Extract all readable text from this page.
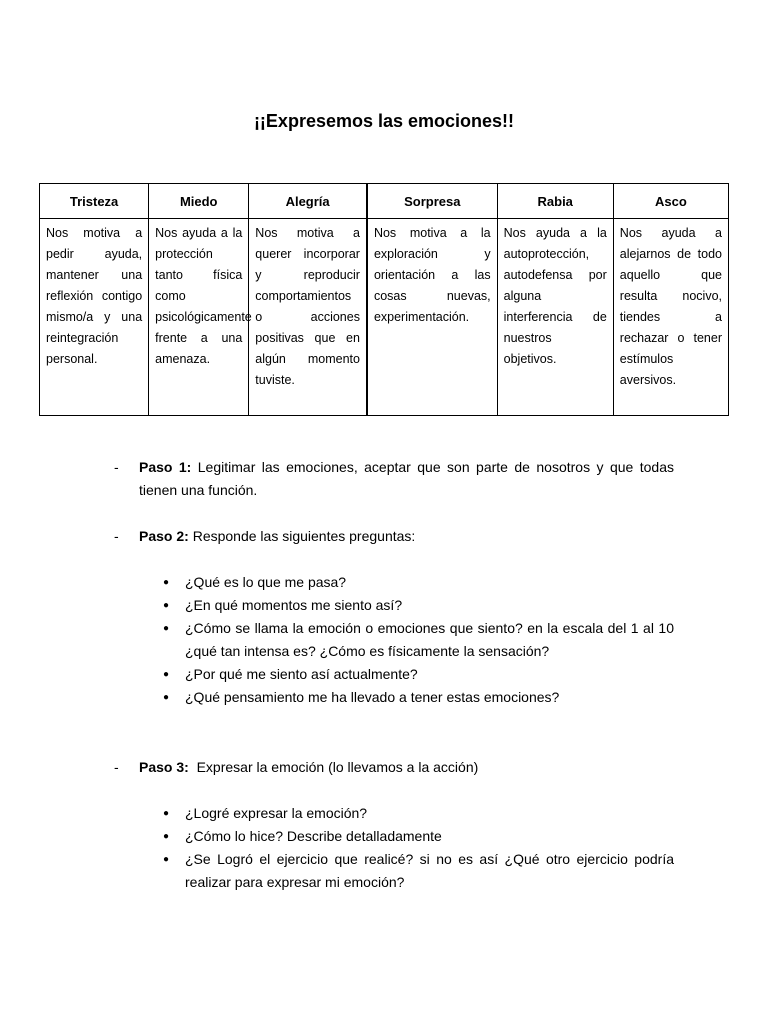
¡¡Expresemos las emociones!!
Tristeza	Miedo	Alegría	Sorpresa	Rabia	Asco
Nos motiva a pedir ayuda, mantener una reflexión contigo mismo/a y una reintegración personal.	Nos ayuda a la protección tanto física como psicológicamente frente a una amenaza.	Nos motiva a querer incorporar y reproducir comportamientos o acciones positivas que en algún momento tuviste.	Nos motiva a la exploración y orientación a las cosas nuevas, experimentación.	Nos ayuda a la autoprotección, autodefensa por alguna interferencia de nuestros objetivos.	Nos ayuda a alejarnos de todo aquello que resulta nocivo, tiendes a rechazar o tener estímulos aversivos.
- Paso 1: Legitimar las emociones, aceptar que son parte de nosotros y que todas tienen una función.
- Paso 2: Responde las siguientes preguntas:
● ¿Qué es lo que me pasa?
● ¿En qué momentos me siento así?
● ¿Cómo se llama la emoción o emociones que siento? en la escala del 1 al 10 ¿qué tan intensa es? ¿Cómo es físicamente la sensación?
● ¿Por qué me siento así actualmente?
● ¿Qué pensamiento me ha llevado a tener estas emociones?
- Paso 3:  Expresar la emoción (lo llevamos a la acción)
● ¿Logré expresar la emoción?
● ¿Cómo lo hice? Describe detalladamente
● ¿Se Logró el ejercicio que realicé? si no es así ¿Qué otro ejercicio podría realizar para expresar mi emoción?
